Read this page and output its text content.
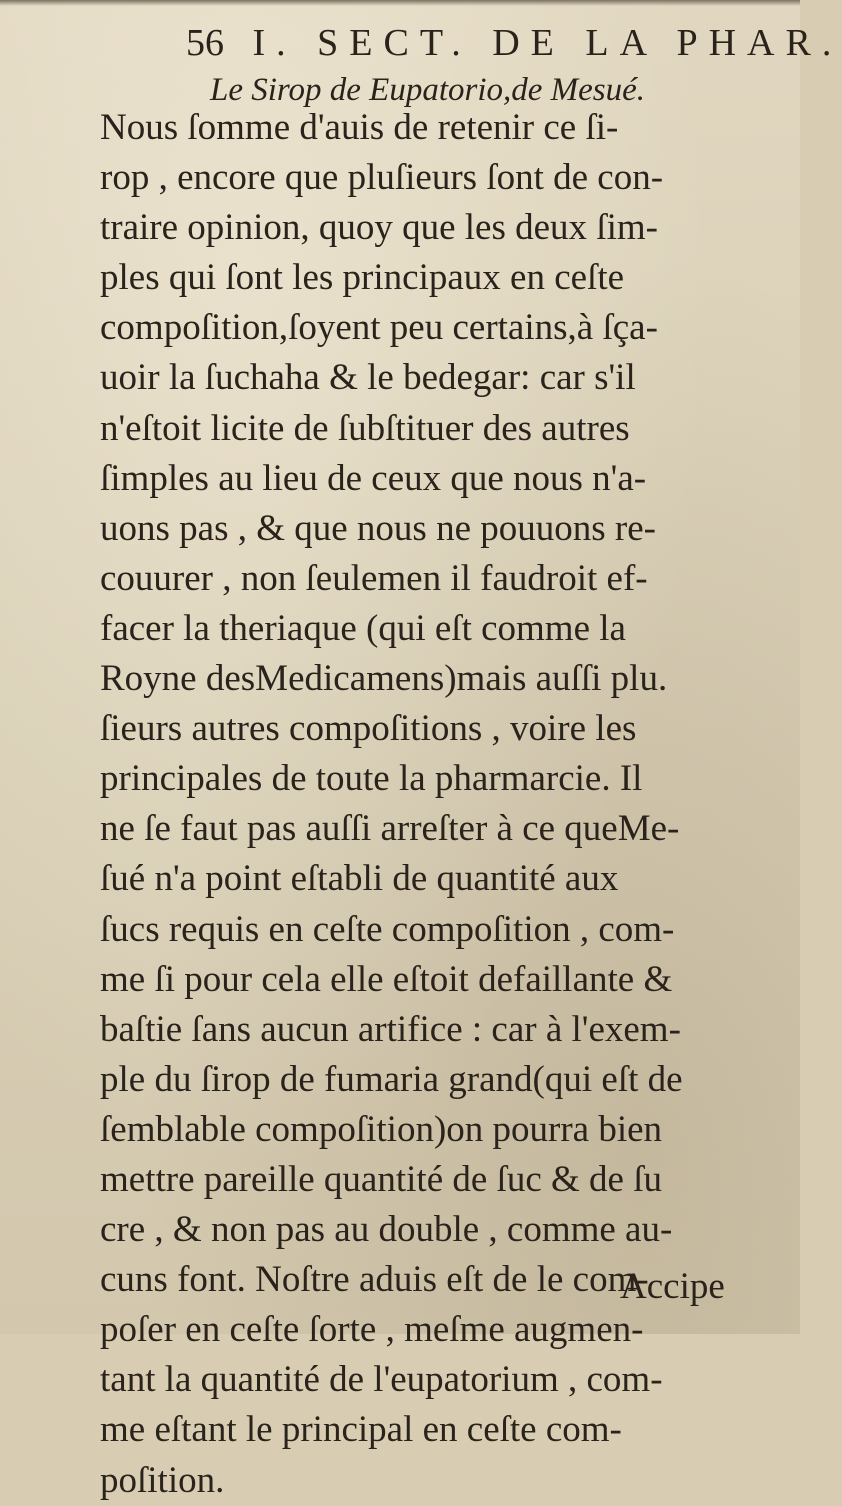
56 I. SECT. DE LA PHAR.
Le Sirop de Eupatorio,de Mesué.
Nous ſomme d'auis de retenir ce ſi-
rop , encore que pluſieurs ſont de con-
traire opinion, quoy que les deux ſim-
ples qui ſont les principaux en ceſte
compoſition,ſoyent peu certains,à ſça-
uoir la ſuchaha & le bedegar: car s'il
n'eſtoit licite de ſubſtituer des autres
ſimples au lieu de ceux que nous n'a-
uons pas , & que nous ne pouuons re-
couurer , non ſeulemen il faudroit ef-
facer la theriaque (qui eſt comme la
Royne desMedicamens)mais auſſi plu.
ſieurs autres compoſitions , voire les
principales de toute la pharmarcie. Il
ne ſe faut pas auſſi arreſter à ce queMe-
ſué n'a point eſtabli de quantité aux
ſucs requis en ceſte compoſition , com-
me ſi pour cela elle eſtoit defaillante &
baſtie ſans aucun artifice : car à l'exem-
ple du ſirop de fumaria grand(qui eſt de
ſemblable compoſition)on pourra bien
mettre pareille quantité de ſuc & de ſu
cre , & non pas au double , comme au-
cuns font. Noſtre aduis eſt de le com-
poſer en ceſte ſorte , meſme augmen-
tant la quantité de l'eupatorium , com-
me eſtant le principal en ceſte com-
poſition.
Accipe
